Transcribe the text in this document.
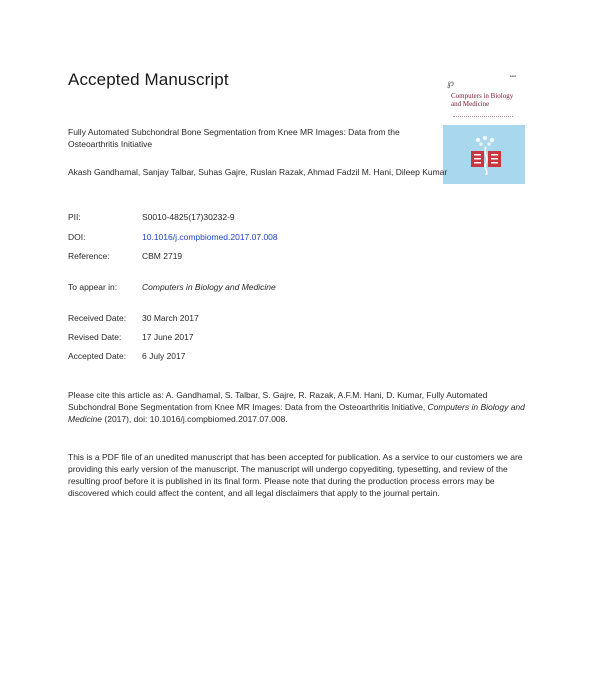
Accepted Manuscript	℘
▪▪▪
Computers in Biology
and Medicine
Fully Automated Subchondral Bone Segmentation from Knee MR Images: Data from the Osteoarthritis Initiative
Akash Gandhamal, Sanjay Talbar, Suhas Gajre, Ruslan Razak, Ahmad Fadzil M. Hani, Dileep Kumar
PII:	S0010-4825(17)30232-9
DOI:	10.1016/j.compbiomed.2017.07.008
Reference:	CBM 2719
To appear in:	Computers in Biology and Medicine
Received Date: 30 March 2017
Revised Date: 17 June 2017
Accepted Date: 6 July 2017
Please cite this article as: A. Gandhamal, S. Talbar, S. Gajre, R. Razak, A.F.M. Hani, D. Kumar, Fully Automated Subchondral Bone Segmentation from Knee MR Images: Data from the Osteoarthritis Initiative, Computers in Biology and Medicine (2017), doi: 10.1016/j.compbiomed.2017.07.008.
This is a PDF file of an unedited manuscript that has been accepted for publication. As a service to our customers we are providing this early version of the manuscript. The manuscript will undergo copyediting, typesetting, and review of the resulting proof before it is published in its final form. Please note that during the production process errors may be discovered which could affect the content, and all legal disclaimers that apply to the journal pertain.
